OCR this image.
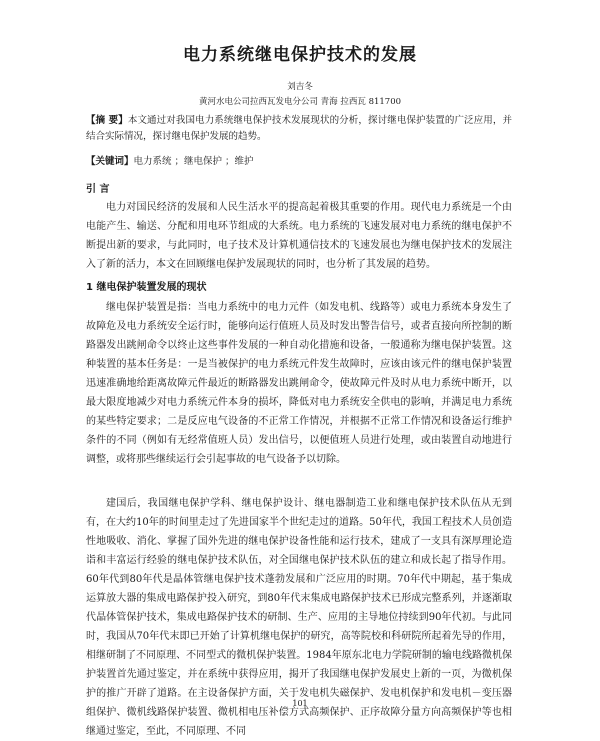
电力系统继电保护技术的发展
刘吉冬
黄河水电公司拉西瓦发电分公司 青海 拉西瓦 811700
【摘 要】本文通过对我国电力系统继电保护技术发展现状的分析，探讨继电保护装置的广泛应用，并结合实际情况，探讨继电保护发展的趋势。
【关键词】电力系统 ；继电保护 ；维护
引 言

电力对国民经济的发展和人民生活水平的提高起着极其重要的作用。现代电力系统是一个由电能产生、输送、分配和用电环节组成的大系统。电力系统的飞速发展对电力系统的继电保护不断提出新的要求，与此同时，电子技术及计算机通信技术的飞速发展也为继电保护技术的发展注入了新的活力，本文在回顾继电保护发展现状的同时，也分析了其发展的趋势。

1 继电保护装置发展的现状

继电保护装置是指：当电力系统中的电力元件（如发电机、线路等）或电力系统本身发生了故障危及电力系统安全运行时，能够向运行值班人员及时发出警告信号，或者直接向所控制的断路器发出跳闸命令以终止这些事件发展的一种自动化措施和设备，一般通称为继电保护装置。这种装置的基本任务是：一是当被保护的电力系统元件发生故障时，应该由该元件的继电保护装置迅速准确地给距离故障元件最近的断路器发出跳闸命令，使故障元件及时从电力系统中断开，以最大限度地减少对电力系统元件本身的损坏，降低对电力系统安全供电的影响，并满足电力系统的某些特定要求；二是反应电气设备的不正常工作情况，并根据不正常工作情况和设备运行维护条件的不同（例如有无经常值班人员）发出信号，以便值班人员进行处理，或由装置自动地进行调整，或将那些继续运行会引起事故的电气设备予以切除。

建国后，我国继电保护学科、继电保护设计、继电器制造工业和继电保护技术队伍从无到有，在大约10年的时间里走过了先进国家半个世纪走过的道路。50年代，我国工程技术人员创造性地吸收、消化、掌握了国外先进的继电保护设备性能和运行技术，建成了一支具有深厚理论造诣和丰富运行经验的继电保护技术队伍，对全国继电保护技术队伍的建立和成长起了指导作用。60年代到80年代是晶体管继电保护技术蓬勃发展和广泛应用的时期。70年代中期起，基于集成运算放大器的集成电路保护投入研究，到80年代末集成电路保护技术已形成完整系列，并逐渐取代晶体管保护技术，集成电路保护技术的研制、生产、应用的主导地位持续到90年代初。与此同时，我国从70年代末即已开始了计算机继电保护的研究，高等院校和科研院所起着先导的作用，相继研制了不同原理、不同型式的微机保护装置。1984年原东北电力学院研制的输电线路微机保护装置首先通过鉴定，并在系统中获得应用，揭开了我国继电保护发展史上新的一页，为微机保护的推广开辟了道路。在主设备保护方面，关于发电机失磁保护、发电机保护和发电机－变压器组保护、微机线路保护装置、微机相电压补偿方式高频保护、正序故障分量方向高频保护等也相继通过鉴定，至此，不同原理、不同

101
